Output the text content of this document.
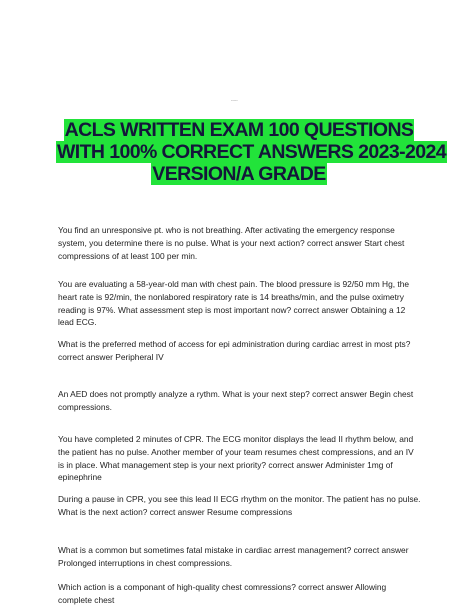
-----
ACLS WRITTEN EXAM 100 QUESTIONS
WITH 100% CORRECT ANSWERS 2023-2024
VERSION/A GRADE

You find an unresponsive pt. who is not breathing. After activating the emergency response system, you determine there is no pulse. What is your next action? correct answer Start chest compressions of at least 100 per min.

You are evaluating a 58-year-old man with chest pain. The blood pressure is 92/50 mm Hg, the heart rate is 92/min, the nonlabored respiratory rate is 14 breaths/min, and the pulse oximetry reading is 97%. What assessment step is most important now? correct answer Obtaining a 12 lead ECG.

What is the preferred method of access for epi administration during cardiac arrest in most pts? correct answer Peripheral IV

An AED does not promptly analyze a rythm. What is your next step? correct answer Begin chest compressions.

You have completed 2 minutes of CPR. The ECG monitor displays the lead II rhythm below, and the patient has no pulse. Another member of your team resumes chest compressions, and an IV is in place. What management step is your next priority? correct answer Administer 1mg of epinephrine

During a pause in CPR, you see this lead II ECG rhythm on the monitor. The patient has no pulse. What is the next action? correct answer Resume compressions

What is a common but sometimes fatal mistake in cardiac arrest management? correct answer Prolonged interruptions in chest compressions.

Which action is a componant of high-quality chest comressions? correct answer Allowing complete chest
